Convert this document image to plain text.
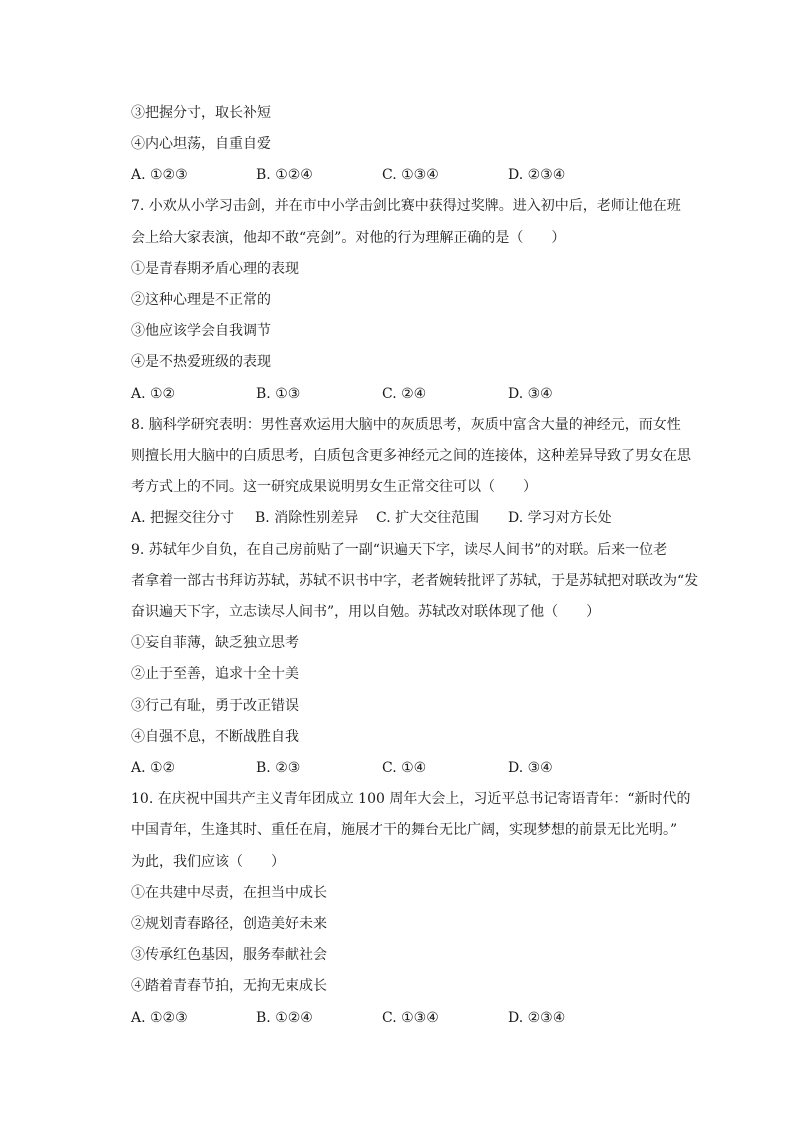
③把握分寸，取长补短
④内心坦荡，自重自爱
A. ①②③	B. ①②④	C. ①③④	D. ②③④
7. 小欢从小学习击剑，并在市中小学击剑比赛中获得过奖牌。进入初中后，老师让他在班
会上给大家表演，他却不敢“亮剑”。对他的行为理解正确的是（　　）
①是青春期矛盾心理的表现
②这种心理是不正常的
③他应该学会自我调节
④是不热爱班级的表现
A. ①②	B. ①③	C. ②④	D. ③④
8. 脑科学研究表明：男性喜欢运用大脑中的灰质思考，灰质中富含大量的神经元，而女性
则擅长用大脑中的白质思考，白质包含更多神经元之间的连接体，这种差异导致了男女在思
考方式上的不同。这一研究成果说明男女生正常交往可以（　　）
A. 把握交往分寸 B. 消除性别差异 C. 扩大交往范围 D. 学习对方长处
9. 苏轼年少自负，在自己房前贴了一副“识遍天下字，读尽人间书”的对联。后来一位老
者拿着一部古书拜访苏轼，苏轼不识书中字，老者婉转批评了苏轼，于是苏轼把对联改为“发
奋识遍天下字，立志读尽人间书”，用以自勉。苏轼改对联体现了他（　　）
①妄自菲薄，缺乏独立思考
②止于至善，追求十全十美
③行己有耻，勇于改正错误
④自强不息，不断战胜自我
A. ①②	B. ②③	C. ①④	D. ③④
10. 在庆祝中国共产主义青年团成立 100 周年大会上，习近平总书记寄语青年：“新时代的
中国青年，生逢其时、重任在肩，施展才干的舞台无比广阔，实现梦想的前景无比光明。”
为此，我们应该（　　）
①在共建中尽责，在担当中成长
②规划青春路径，创造美好未来
③传承红色基因，服务奉献社会
④踏着青春节拍，无拘无束成长
A. ①②③	B. ①②④	C. ①③④	D. ②③④
